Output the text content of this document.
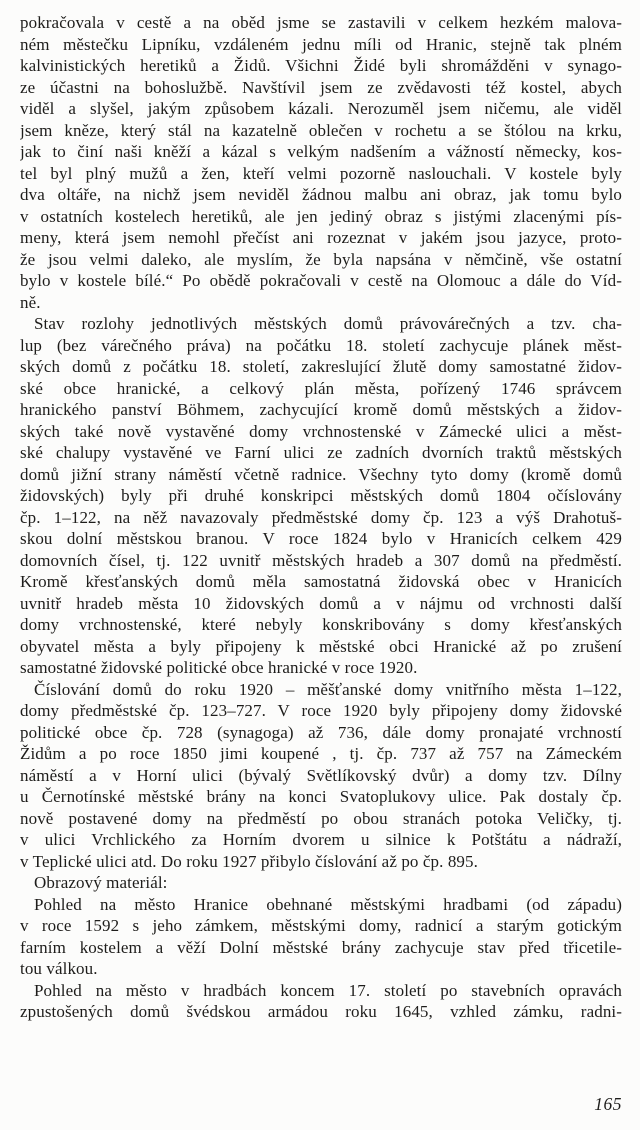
pokračovala v cestě a na oběd jsme se zastavili v celkem hezkém malova-
ném městečku Lipníku, vzdáleném jednu míli od Hranic, stejně tak plném
kalvinistických heretiků a Židů. Všichni Židé byli shromážděni v synago-
ze účastni na bohoslužbě. Navštívil jsem ze zvědavosti též kostel, abych
viděl a slyšel, jakým způsobem kázali. Nerozuměl jsem ničemu, ale viděl
jsem kněze, který stál na kazatelně oblečen v rochetu a se štólou na krku,
jak to činí naši kněží a kázal s velkým nadšením a vážností německy, kos-
tel byl plný mužů a žen, kteří velmi pozorně naslouchali. V kostele byly
dva oltáře, na nichž jsem neviděl žádnou malbu ani obraz, jak tomu bylo
v ostatních kostelech heretiků, ale jen jediný obraz s jistými zlacenými pís-
meny, která jsem nemohl přečíst ani rozeznat v jakém jsou jazyce, proto-
že jsou velmi daleko, ale myslím, že byla napsána v němčině, vše ostatní
bylo v kostele bílé.“ Po obědě pokračovali v cestě na Olomouc a dále do Víd-
ně.
Stav rozlohy jednotlivých městských domů právovárečných a tzv. cha-
lup (bez várečného práva) na počátku 18. století zachycuje plánek měst-
ských domů z počátku 18. století, zakreslující žlutě domy samostatné židov-
ské obce hranické, a celkový plán města, pořízený 1746 správcem
hranického panství Böhmem, zachycující kromě domů městských a židov-
ských také nově vystavěné domy vrchnostenské v Zámecké ulici a měst-
ské chalupy vystavěné ve Farní ulici ze zadních dvorních traktů městských
domů jižní strany náměstí včetně radnice. Všechny tyto domy (kromě domů
židovských) byly při druhé konskripci městských domů 1804 očíslovány
čp. 1–122, na něž navazovaly předměstské domy čp. 123 a výš Drahotuš-
skou dolní městskou branou. V roce 1824 bylo v Hranicích celkem 429
domovních čísel, tj. 122 uvnitř městských hradeb a 307 domů na předměstí.
Kromě křesťanských domů měla samostatná židovská obec v Hranicích
uvnitř hradeb města 10 židovských domů a v nájmu od vrchnosti další
domy vrchnostenské, které nebyly konskribovány s domy křesťanských
obyvatel města a byly připojeny k městské obci Hranické až po zrušení
samostatné židovské politické obce hranické v roce 1920.
Číslování domů do roku 1920 – měšťanské domy vnitřního města 1–122,
domy předměstské čp. 123–727. V roce 1920 byly připojeny domy židovské
politické obce čp. 728 (synagoga) až 736, dále domy pronajaté vrchností
Židům a po roce 1850 jimi koupené , tj. čp. 737 až 757 na Zámeckém
náměstí a v Horní ulici (bývalý Světlíkovský dvůr) a domy tzv. Dílny
u Černotínské městské brány na konci Svatoplukovy ulice. Pak dostaly čp.
nově postavené domy na předměstí po obou stranách potoka Veličky, tj.
v ulici Vrchlického za Horním dvorem u silnice k Potštátu a nádraží,
v Teplické ulici atd. Do roku 1927 přibylo číslování až po čp. 895.
Obrazový materiál:
Pohled na město Hranice obehnané městskými hradbami (od západu)
v roce 1592 s jeho zámkem, městskými domy, radnicí a starým gotickým
farním kostelem a věží Dolní městské brány zachycuje stav před třicetile-
tou válkou.
Pohled na město v hradbách koncem 17. století po stavebních opravách
zpustošených domů švédskou armádou roku 1645, vzhled zámku, radni-
165
